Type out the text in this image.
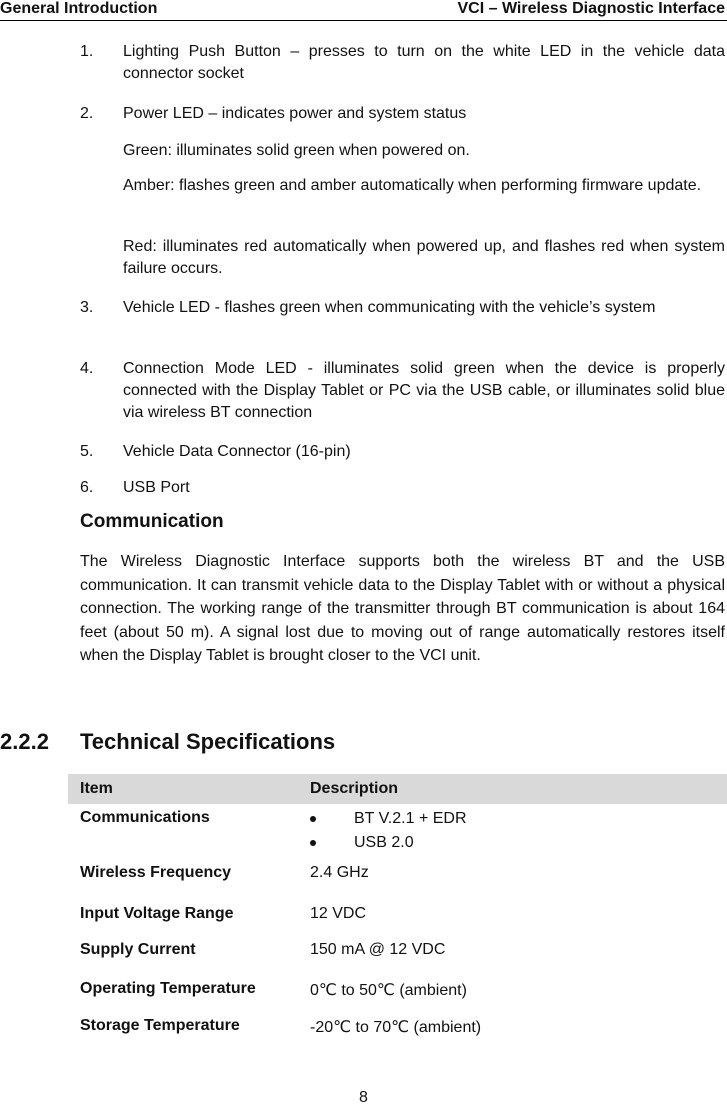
General Introduction	VCI – Wireless Diagnostic Interface
1. Lighting Push Button – presses to turn on the white LED in the vehicle data connector socket
2. Power LED – indicates power and system status
Green: illuminates solid green when powered on.
Amber: flashes green and amber automatically when performing firmware update.
Red: illuminates red automatically when powered up, and flashes red when system failure occurs.
3. Vehicle LED - flashes green when communicating with the vehicle’s system
4. Connection Mode LED - illuminates solid green when the device is properly connected with the Display Tablet or PC via the USB cable, or illuminates solid blue via wireless BT connection
5. Vehicle Data Connector (16-pin)
6. USB Port
Communication
The Wireless Diagnostic Interface supports both the wireless BT and the USB communication. It can transmit vehicle data to the Display Tablet with or without a physical connection. The working range of the transmitter through BT communication is about 164 feet (about 50 m). A signal lost due to moving out of range automatically restores itself when the Display Tablet is brought closer to the VCI unit.
2.2.2 Technical Specifications
Item	Description
Communications	BT V.2.1 + EDR
USB 2.0
Wireless Frequency	2.4 GHz
Input Voltage Range	12 VDC
Supply Current	150 mA @ 12 VDC
Operating Temperature	0℃ to 50℃ (ambient)
Storage Temperature	-20℃ to 70℃ (ambient)
8
